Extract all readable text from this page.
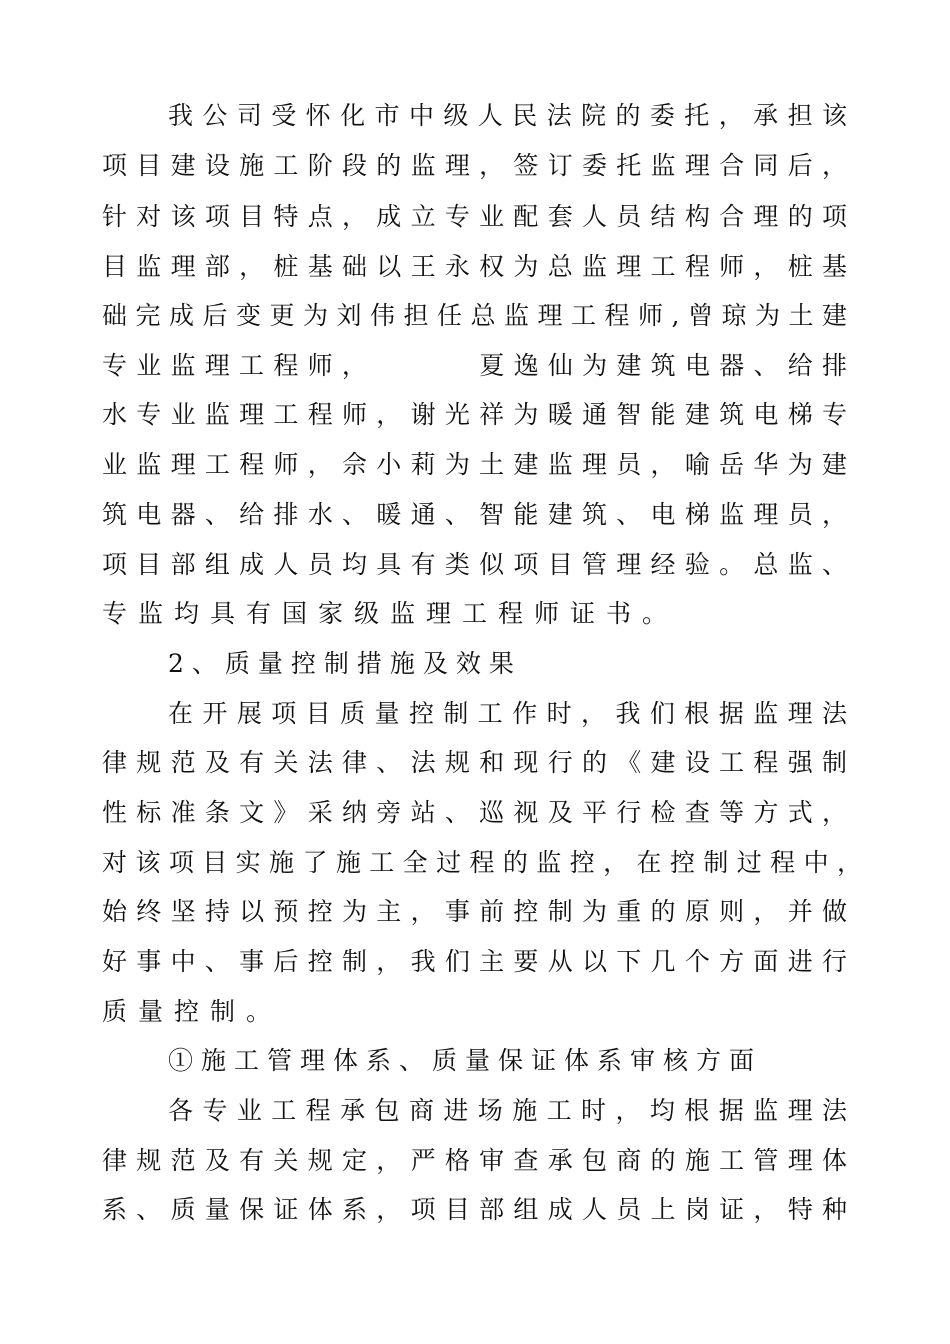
我公司受怀化市中级人民法院的委托，承担该
项目建设施工阶段的监理，签订委托监理合同后，
针对该项目特点，成立专业配套人员结构合理的项
目监理部，桩基础以王永权为总监理工程师，桩基
础完成后变更为刘伟担任总监理工程师,曾琼为土建
专业监理工程师，      夏逸仙为建筑电器、给排
水专业监理工程师，谢光祥为暖通智能建筑电梯专
业监理工程师，佘小莉为土建监理员，喻岳华为建
筑电器、给排水、暖通、智能建筑、电梯监理员，
项目部组成人员均具有类似项目管理经验。总监、
专监均具有国家级监理工程师证书。
2、质量控制措施及效果
在开展项目质量控制工作时，我们根据监理法
律规范及有关法律、法规和现行的《建设工程强制
性标准条文》采纳旁站、巡视及平行检查等方式，
对该项目实施了施工全过程的监控，在控制过程中，
始终坚持以预控为主，事前控制为重的原则，并做
好事中、事后控制，我们主要从以下几个方面进行
质量控制。
①施工管理体系、质量保证体系审核方面
各专业工程承包商进场施工时，均根据监理法
律规范及有关规定，严格审查承包商的施工管理体
系、质量保证体系，项目部组成人员上岗证，特种
